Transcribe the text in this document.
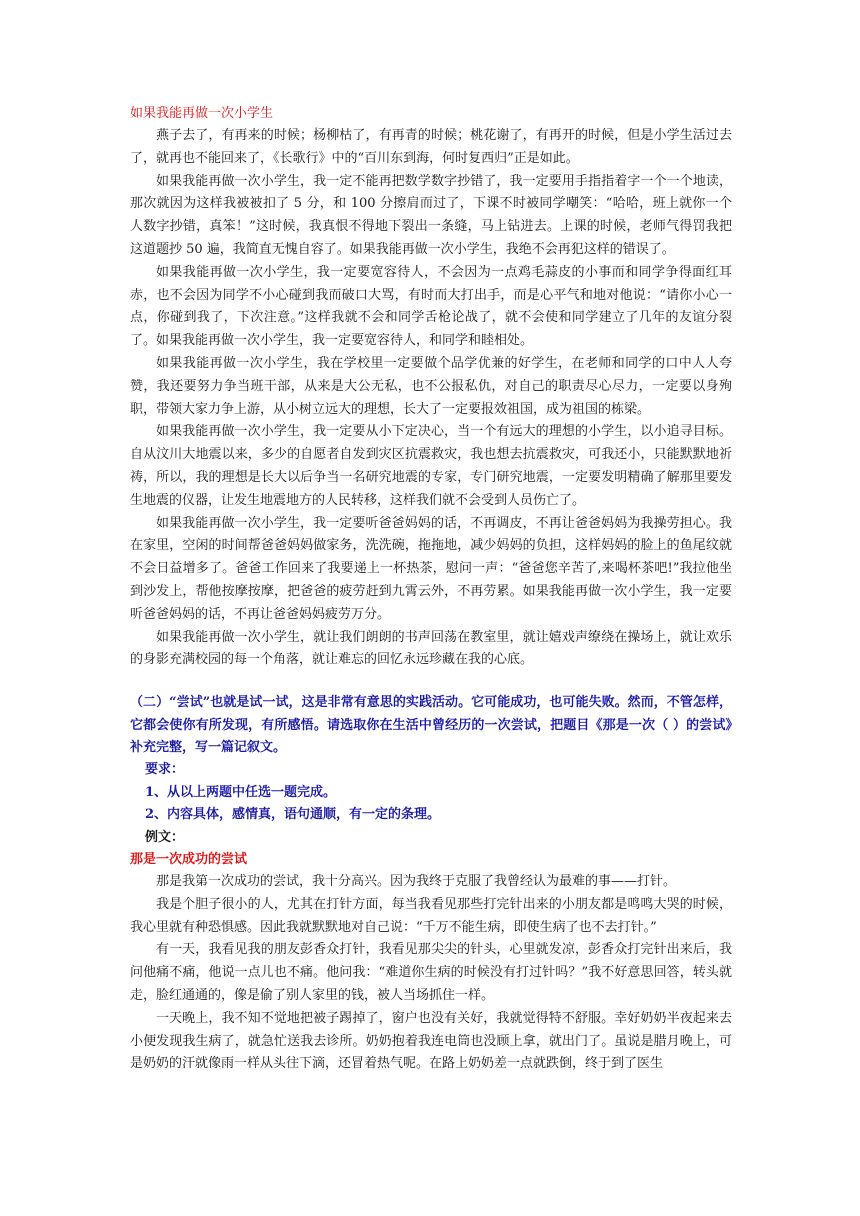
如果我能再做一次小学生

燕子去了，有再来的时候；杨柳枯了，有再青的时候；桃花谢了，有再开的时候，但是小学生活过去了，就再也不能回来了，《长歌行》中的“百川东到海，何时复西归”正是如此。

如果我能再做一次小学生，我一定不能再把数学数字抄错了，我一定要用手指指着字一个一个地读，那次就因为这样我被被扣了 5 分，和 100 分擦肩而过了，下课不时被同学嘲笑：“哈哈，班上就你一个人数字抄错，真笨！”这时候，我真恨不得地下裂出一条缝，马上钻进去。上课的时候，老师气得罚我把这道题抄 50 遍，我简直无愧自容了。如果我能再做一次小学生，我绝不会再犯这样的错误了。

如果我能再做一次小学生，我一定要宽容待人，不会因为一点鸡毛蒜皮的小事而和同学争得面红耳赤，也不会因为同学不小心碰到我而破口大骂，有时而大打出手，而是心平气和地对他说：“请你小心一点，你碰到我了，下次注意。”这样我就不会和同学舌枪论战了，就不会使和同学建立了几年的友谊分裂了。如果我能再做一次小学生，我一定要宽容待人，和同学和睦相处。

如果我能再做一次小学生，我在学校里一定要做个品学优兼的好学生，在老师和同学的口中人人夸赞，我还要努力争当班干部，从来是大公无私，也不公报私仇，对自己的职责尽心尽力，一定要以身殉职，带领大家力争上游，从小树立远大的理想，长大了一定要报效祖国，成为祖国的栋梁。

如果我能再做一次小学生，我一定要从小下定决心，当一个有远大的理想的小学生，以小追寻目标。自从汶川大地震以来，多少的自愿者自发到灾区抗震救灾，我也想去抗震救灾，可我还小，只能默默地祈祷，所以，我的理想是长大以后争当一名研究地震的专家，专门研究地震，一定要发明精确了解那里要发生地震的仪器，让发生地震地方的人民转移，这样我们就不会受到人员伤亡了。

如果我能再做一次小学生，我一定要听爸爸妈妈的话，不再调皮，不再让爸爸妈妈为我操劳担心。我在家里，空闲的时间帮爸爸妈妈做家务，洗洗碗，拖拖地，减少妈妈的负担，这样妈妈的脸上的鱼尾纹就不会日益增多了。爸爸工作回来了我要递上一杯热茶，慰问一声：“爸爸您辛苦了,来喝杯茶吧!”我拉他坐到沙发上，帮他按摩按摩，把爸爸的疲劳赶到九霄云外，不再劳累。如果我能再做一次小学生，我一定要听爸爸妈妈的话，不再让爸爸妈妈疲劳万分。

如果我能再做一次小学生，就让我们朗朗的书声回荡在教室里，就让嬉戏声缭绕在操场上，就让欢乐的身影充满校园的每一个角落，就让难忘的回忆永远珍藏在我的心底。

（二）“尝试”也就是试一试，这是非常有意思的实践活动。它可能成功，也可能失败。然而，不管怎样，它都会使你有所发现，有所感悟。请选取你在生活中曾经历的一次尝试，把题目《那是一次（ ）的尝试》补充完整，写一篇记叙文。

要求：

1、从以上两题中任选一题完成。

2、内容具体，感情真，语句通顺，有一定的条理。

例文：

那是一次成功的尝试

那是我第一次成功的尝试，我十分高兴。因为我终于克服了我曾经认为最难的事——打针。

我是个胆子很小的人，尤其在打针方面，每当我看见那些打完针出来的小朋友都是鸣鸣大哭的时候，我心里就有种恐惧感。因此我就默默地对自己说：“千万不能生病，即使生病了也不去打针。”

有一天，我看见我的朋友彭香众打针，我看见那尖尖的针头，心里就发凉，彭香众打完针出来后，我问他痛不痛，他说一点儿也不痛。他问我：“难道你生病的时候没有打过针吗？”我不好意思回答，转头就走，脸红通通的，像是偷了别人家里的钱，被人当场抓住一样。

一天晚上，我不知不觉地把被子踢掉了，窗户也没有关好，我就觉得特不舒服。幸好奶奶半夜起来去小便发现我生病了，就急忙送我去诊所。奶奶抱着我连电筒也没顾上拿，就出门了。虽说是腊月晚上，可是奶奶的汗就像雨一样从头往下滴，还冒着热气呢。在路上奶奶差一点就跌倒，终于到了医生
